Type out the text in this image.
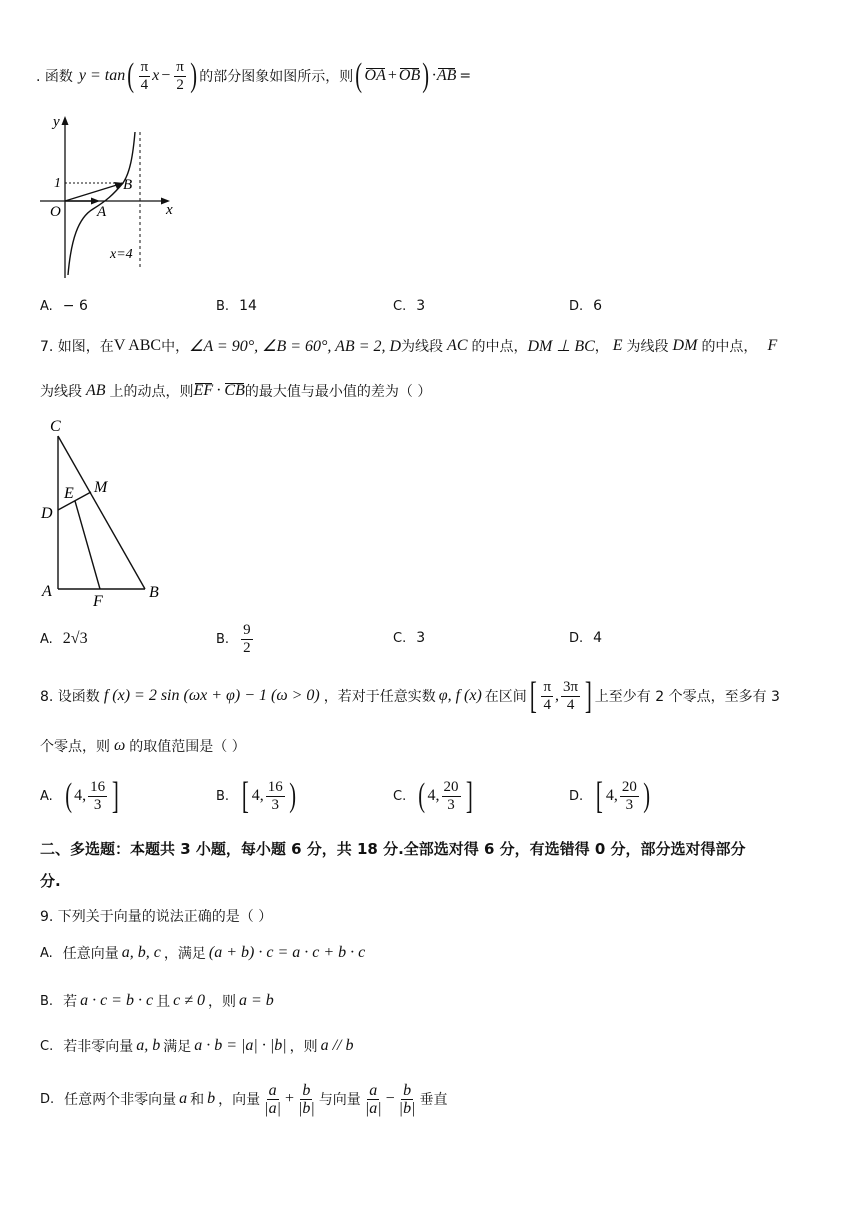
. 函数 y = tan ( $\frac{\pi}{4}$ $x - \frac{\pi}{2}$ ) 的部分图象如图所示，则 ( OA + OB ) · AB =
y
x
O
1
A
B
x=4
A. − 6	B. 14	C. 3	D. 6
7. 如图，在 V ABC 中， ∠A = 90°, ∠B = 60°, AB = 2, D 为线段 AC 的中点， DM ⊥ BC ， E 为线段 DM 的中点， F
为线段 AB 上的动点，则 EF · CB 的最大值与最小值的差为（ ）
C
D
E M
A
F
B
A. 2√3	B. $\frac{9}{2}$	C. 3	D. 4
8. 设函数 f (x) = 2 sin (ωx + φ) − 1 (ω > 0) ，若对于任意实数 φ, f (x) 在区间 [ $\frac{\pi}{4}$ , $\frac{3\pi}{4}$ ] 上至少有 2 个零点，至多有 3
个零点，则 ω 的取值范围是（ ）
A. ( 4, $\frac{16}{3}$ ]	B. [ 4, $\frac{16}{3}$ )	C. ( 4, $\frac{20}{3}$ ]	D. [ 4, $\frac{20}{3}$ )
二、多选题：本题共 3 小题，每小题 6 分，共 18 分.全部选对得 6 分，有选错得 0 分，部分选对得部分
分.
9. 下列关于向量的说法正确的是（ ）
A. 任意向量 a, b, c ，满足 (a + b) · c = a · c + b · c
B. 若 a · c = b · c 且 c ≠ 0 ，则 a = b
C. 若非零向量 a, b 满足 a · b = |a| · |b| ，则 a // b
D. 任意两个非零向量 a 和 b ，向量 $\frac{a}{|a|} + \frac{b}{|b|}$ 与向量 $\frac{a}{|a|} - \frac{b}{|b|}$ 垂直
